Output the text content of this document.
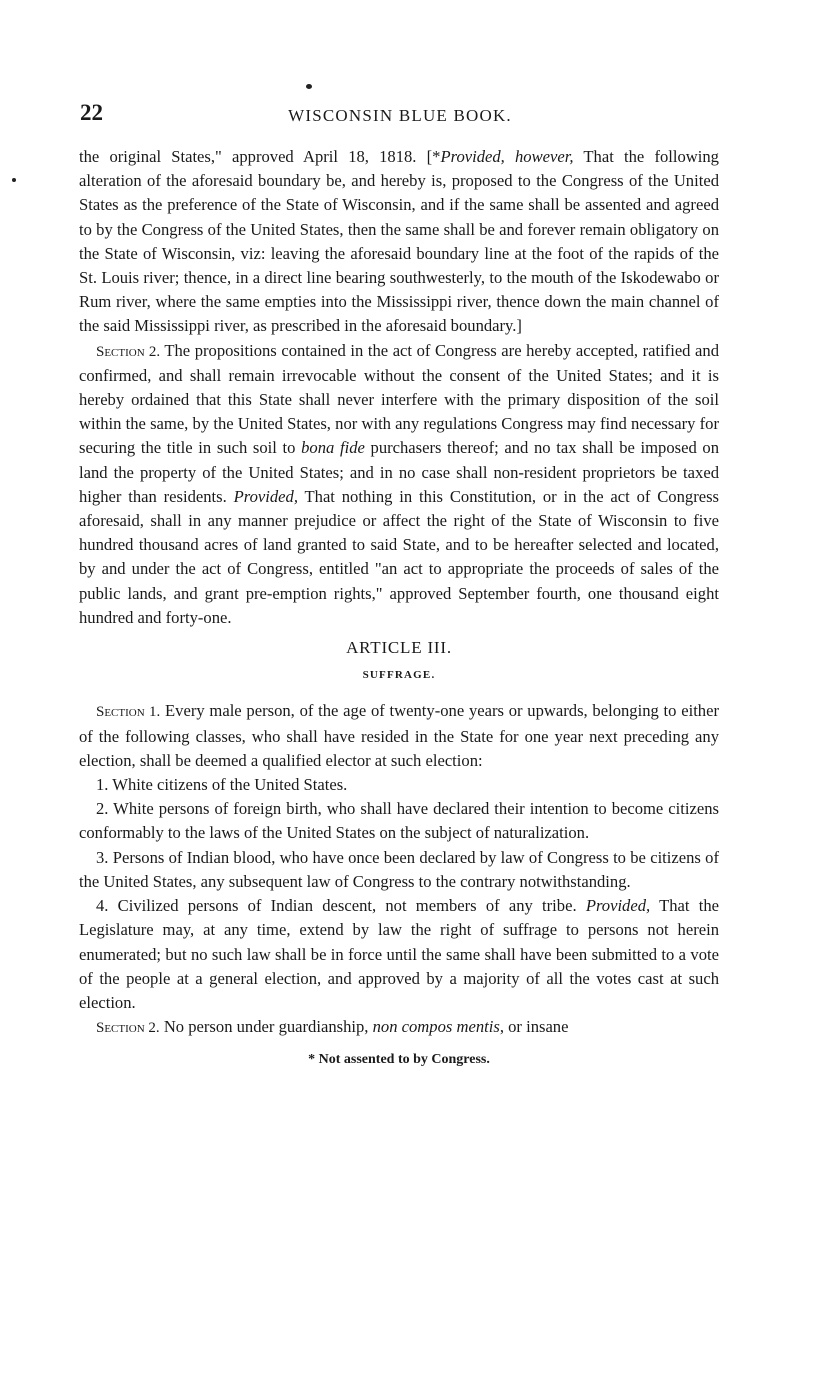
22	WISCONSIN BLUE BOOK.

the original States," approved April 18, 1818. [*Provided, however, That the following alteration of the aforesaid boundary be, and hereby is, proposed to the Congress of the United States as the preference of the State of Wisconsin, and if the same shall be assented and agreed to by the Congress of the United States, then the same shall be and forever remain obligatory on the State of Wisconsin, viz: leaving the aforesaid boundary line at the foot of the rapids of the St. Louis river; thence, in a direct line bearing southwesterly, to the mouth of the Iskodewabo or Rum river, where the same empties into the Mississippi river, thence down the main channel of the said Mississippi river, as prescribed in the aforesaid boundary.]

Section 2. The propositions contained in the act of Congress are hereby accepted, ratified and confirmed, and shall remain irrevocable without the consent of the United States; and it is hereby ordained that this State shall never interfere with the primary disposition of the soil within the same, by the United States, nor with any regulations Congress may find necessary for securing the title in such soil to bona fide purchasers thereof; and no tax shall be imposed on land the property of the United States; and in no case shall non-resident proprietors be taxed higher than residents. Provided, That nothing in this Constitution, or in the act of Congress aforesaid, shall in any manner prejudice or affect the right of the State of Wisconsin to five hundred thousand acres of land granted to said State, and to be hereafter selected and located, by and under the act of Congress, entitled "an act to appropriate the proceeds of sales of the public lands, and grant pre-emption rights," approved September fourth, one thousand eight hundred and forty-one.

ARTICLE III.
SUFFRAGE.

Section 1. Every male person, of the age of twenty-one years or upwards, belonging to either of the following classes, who shall have resided in the State for one year next preceding any election, shall be deemed a qualified elector at such election:

1. White citizens of the United States.

2. White persons of foreign birth, who shall have declared their intention to become citizens conformably to the laws of the United States on the subject of naturalization.

3. Persons of Indian blood, who have once been declared by law of Congress to be citizens of the United States, any subsequent law of Congress to the contrary notwithstanding.

4. Civilized persons of Indian descent, not members of any tribe. Provided, That the Legislature may, at any time, extend by law the right of suffrage to persons not herein enumerated; but no such law shall be in force until the same shall have been submitted to a vote of the people at a general election, and approved by a majority of all the votes cast at such election.

Section 2. No person under guardianship, non compos mentis, or insane

* Not assented to by Congress.
